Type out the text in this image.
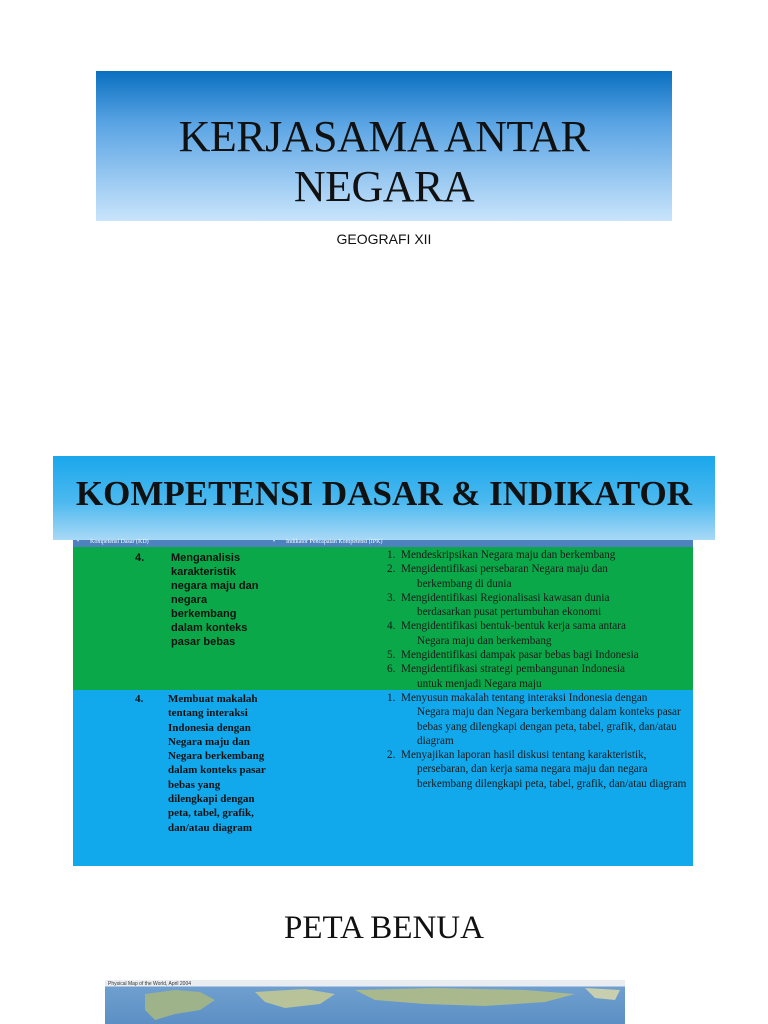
KERJASAMA ANTAR
NEGARA
GEOGRAFI XII
KOMPETENSI DASAR & INDIKATOR
• Kompetensi Dasar (KD)	• Indikator Pencapaian Kompetensi (IPK)
4. Menganalisis karakteristik negara maju dan negara berkembang dalam konteks pasar bebas
1. Mendeskripsikan Negara maju dan berkembang
2. Mengidentifikasi persebaran Negara maju dan
berkembang di dunia
3. Mengidentifikasi Regionalisasi kawasan dunia
berdasarkan pusat pertumbuhan ekonomi
4. Mengidentifikasi bentuk-bentuk kerja sama antara
Negara maju dan berkembang
5. Mengidentifikasi dampak pasar bebas bagi Indonesia
6. Mengidentifikasi strategi pembangunan Indonesia
untuk menjadi Negara maju
4. Membuat makalah tentang interaksi Indonesia dengan Negara maju dan Negara berkembang dalam konteks pasar bebas yang dilengkapi dengan peta, tabel, grafik, dan/atau diagram
1. Menyusun makalah tentang interaksi Indonesia dengan
Negara maju dan Negara berkembang dalam konteks pasar bebas yang dilengkapi dengan peta, tabel, grafik, dan/atau diagram
2. Menyajikan laporan hasil diskusi tentang karakteristik,
persebaran, dan kerja sama negara maju dan negara berkembang dilengkapi peta, tabel, grafik, dan/atau diagram
PETA BENUA
Physical Map of the World, April 2004
